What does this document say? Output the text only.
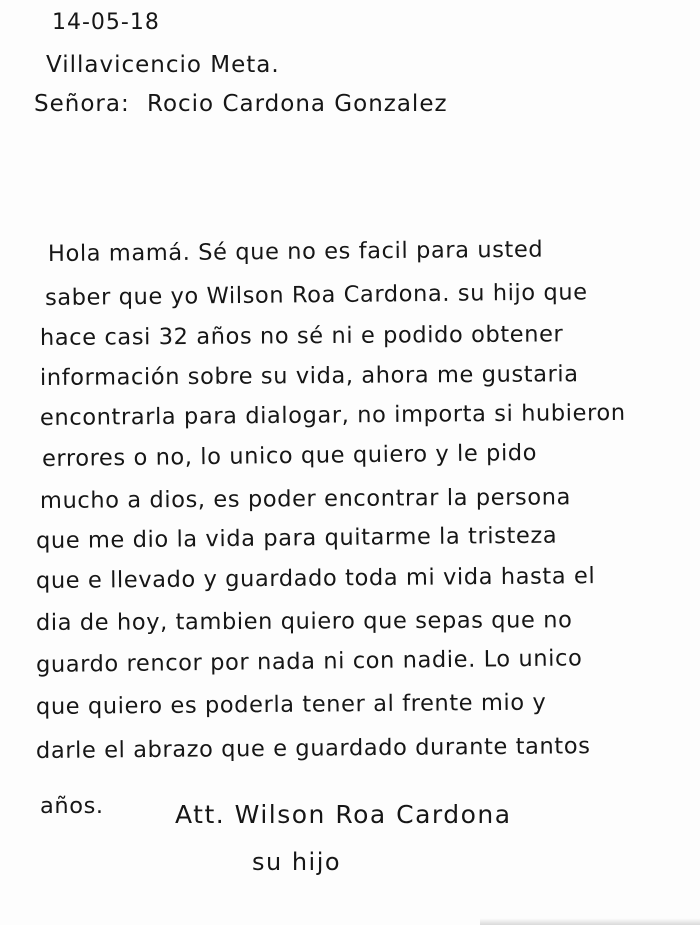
14-05-18
Villavicencio Meta.
Señora: Rocio Cardona Gonzalez
Hola mamá. Sé que no es facil para usted
saber que yo Wilson Roa Cardona. su hijo que
hace casi 32 años no sé ni e podido obtener
información sobre su vida, ahora me gustaria
encontrarla para dialogar, no importa si hubieron
errores o no, lo unico que quiero y le pido
mucho a dios, es poder encontrar la persona
que me dio la vida para quitarme la tristeza
que e llevado y guardado toda mi vida hasta el
dia de hoy, tambien quiero que sepas que no
guardo rencor por nada ni con nadie. Lo unico
que quiero es poderla tener al frente mio y
darle el abrazo que e guardado durante tantos
años.	Att. Wilson Roa Cardona
su hijo
